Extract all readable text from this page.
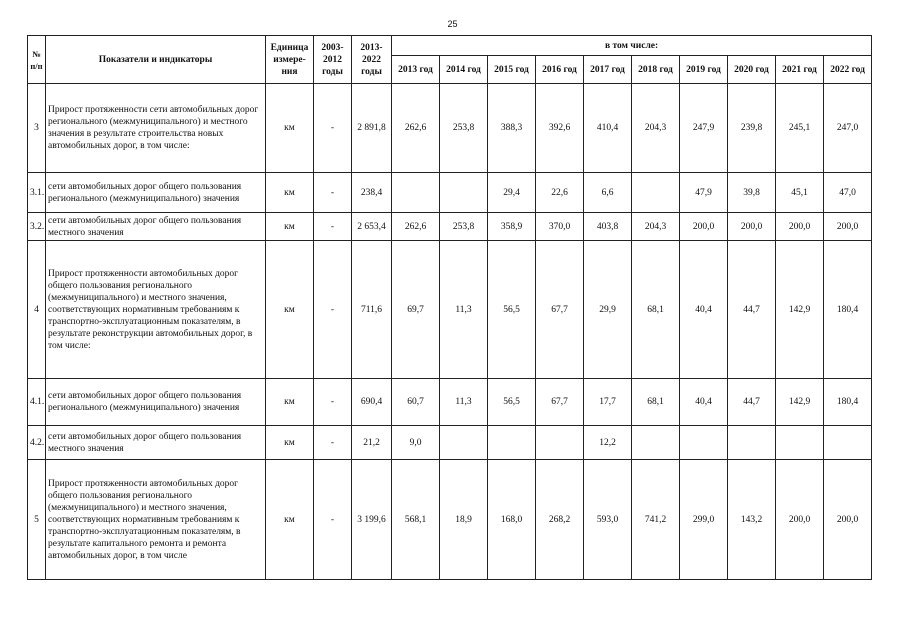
25
№ п/п	Показатели и индикаторы	Единица измере-ния	2003-2012 годы	2013-2022 годы	в том числе:									
					2013 год	2014 год	2015 год	2016 год	2017 год	2018 год	2019 год	2020 год	2021 год	2022 год
3	Прирост протяженности сети автомобильных дорог регионального (межмуниципального) и местного значения в результате строительства новых автомобильных дорог, в том числе:	км	-	2 891,8	262,6	253,8	388,3	392,6	410,4	204,3	247,9	239,8	245,1	247,0
3.1.	сети автомобильных дорог общего пользования регионального (межмуниципального) значения	км	-	238,4			29,4	22,6	6,6		47,9	39,8	45,1	47,0
3.2.	сети автомобильных дорог общего пользования местного значения	км	-	2 653,4	262,6	253,8	358,9	370,0	403,8	204,3	200,0	200,0	200,0	200,0
4	Прирост протяженности автомобильных дорог общего пользования регионального (межмуниципального) и местного значения, соответствующих нормативным требованиям к транспортно-эксплуатационным показателям, в результате реконструкции автомобильных дорог, в том числе:	км	-	711,6	69,7	11,3	56,5	67,7	29,9	68,1	40,4	44,7	142,9	180,4
4.1.	сети автомобильных дорог общего пользования регионального (межмуниципального) значения	км	-	690,4	60,7	11,3	56,5	67,7	17,7	68,1	40,4	44,7	142,9	180,4
4.2.	сети автомобильных дорог общего пользования местного значения	км	-	21,2	9,0				12,2					
5	Прирост протяженности автомобильных дорог общего пользования регионального (межмуниципального) и местного значения, соответствующих нормативным требованиям к транспортно-эксплуатационным показателям, в результате капитального ремонта и ремонта автомобильных дорог, в том числе	км	-	3 199,6	568,1	18,9	168,0	268,2	593,0	741,2	299,0	143,2	200,0	200,0
